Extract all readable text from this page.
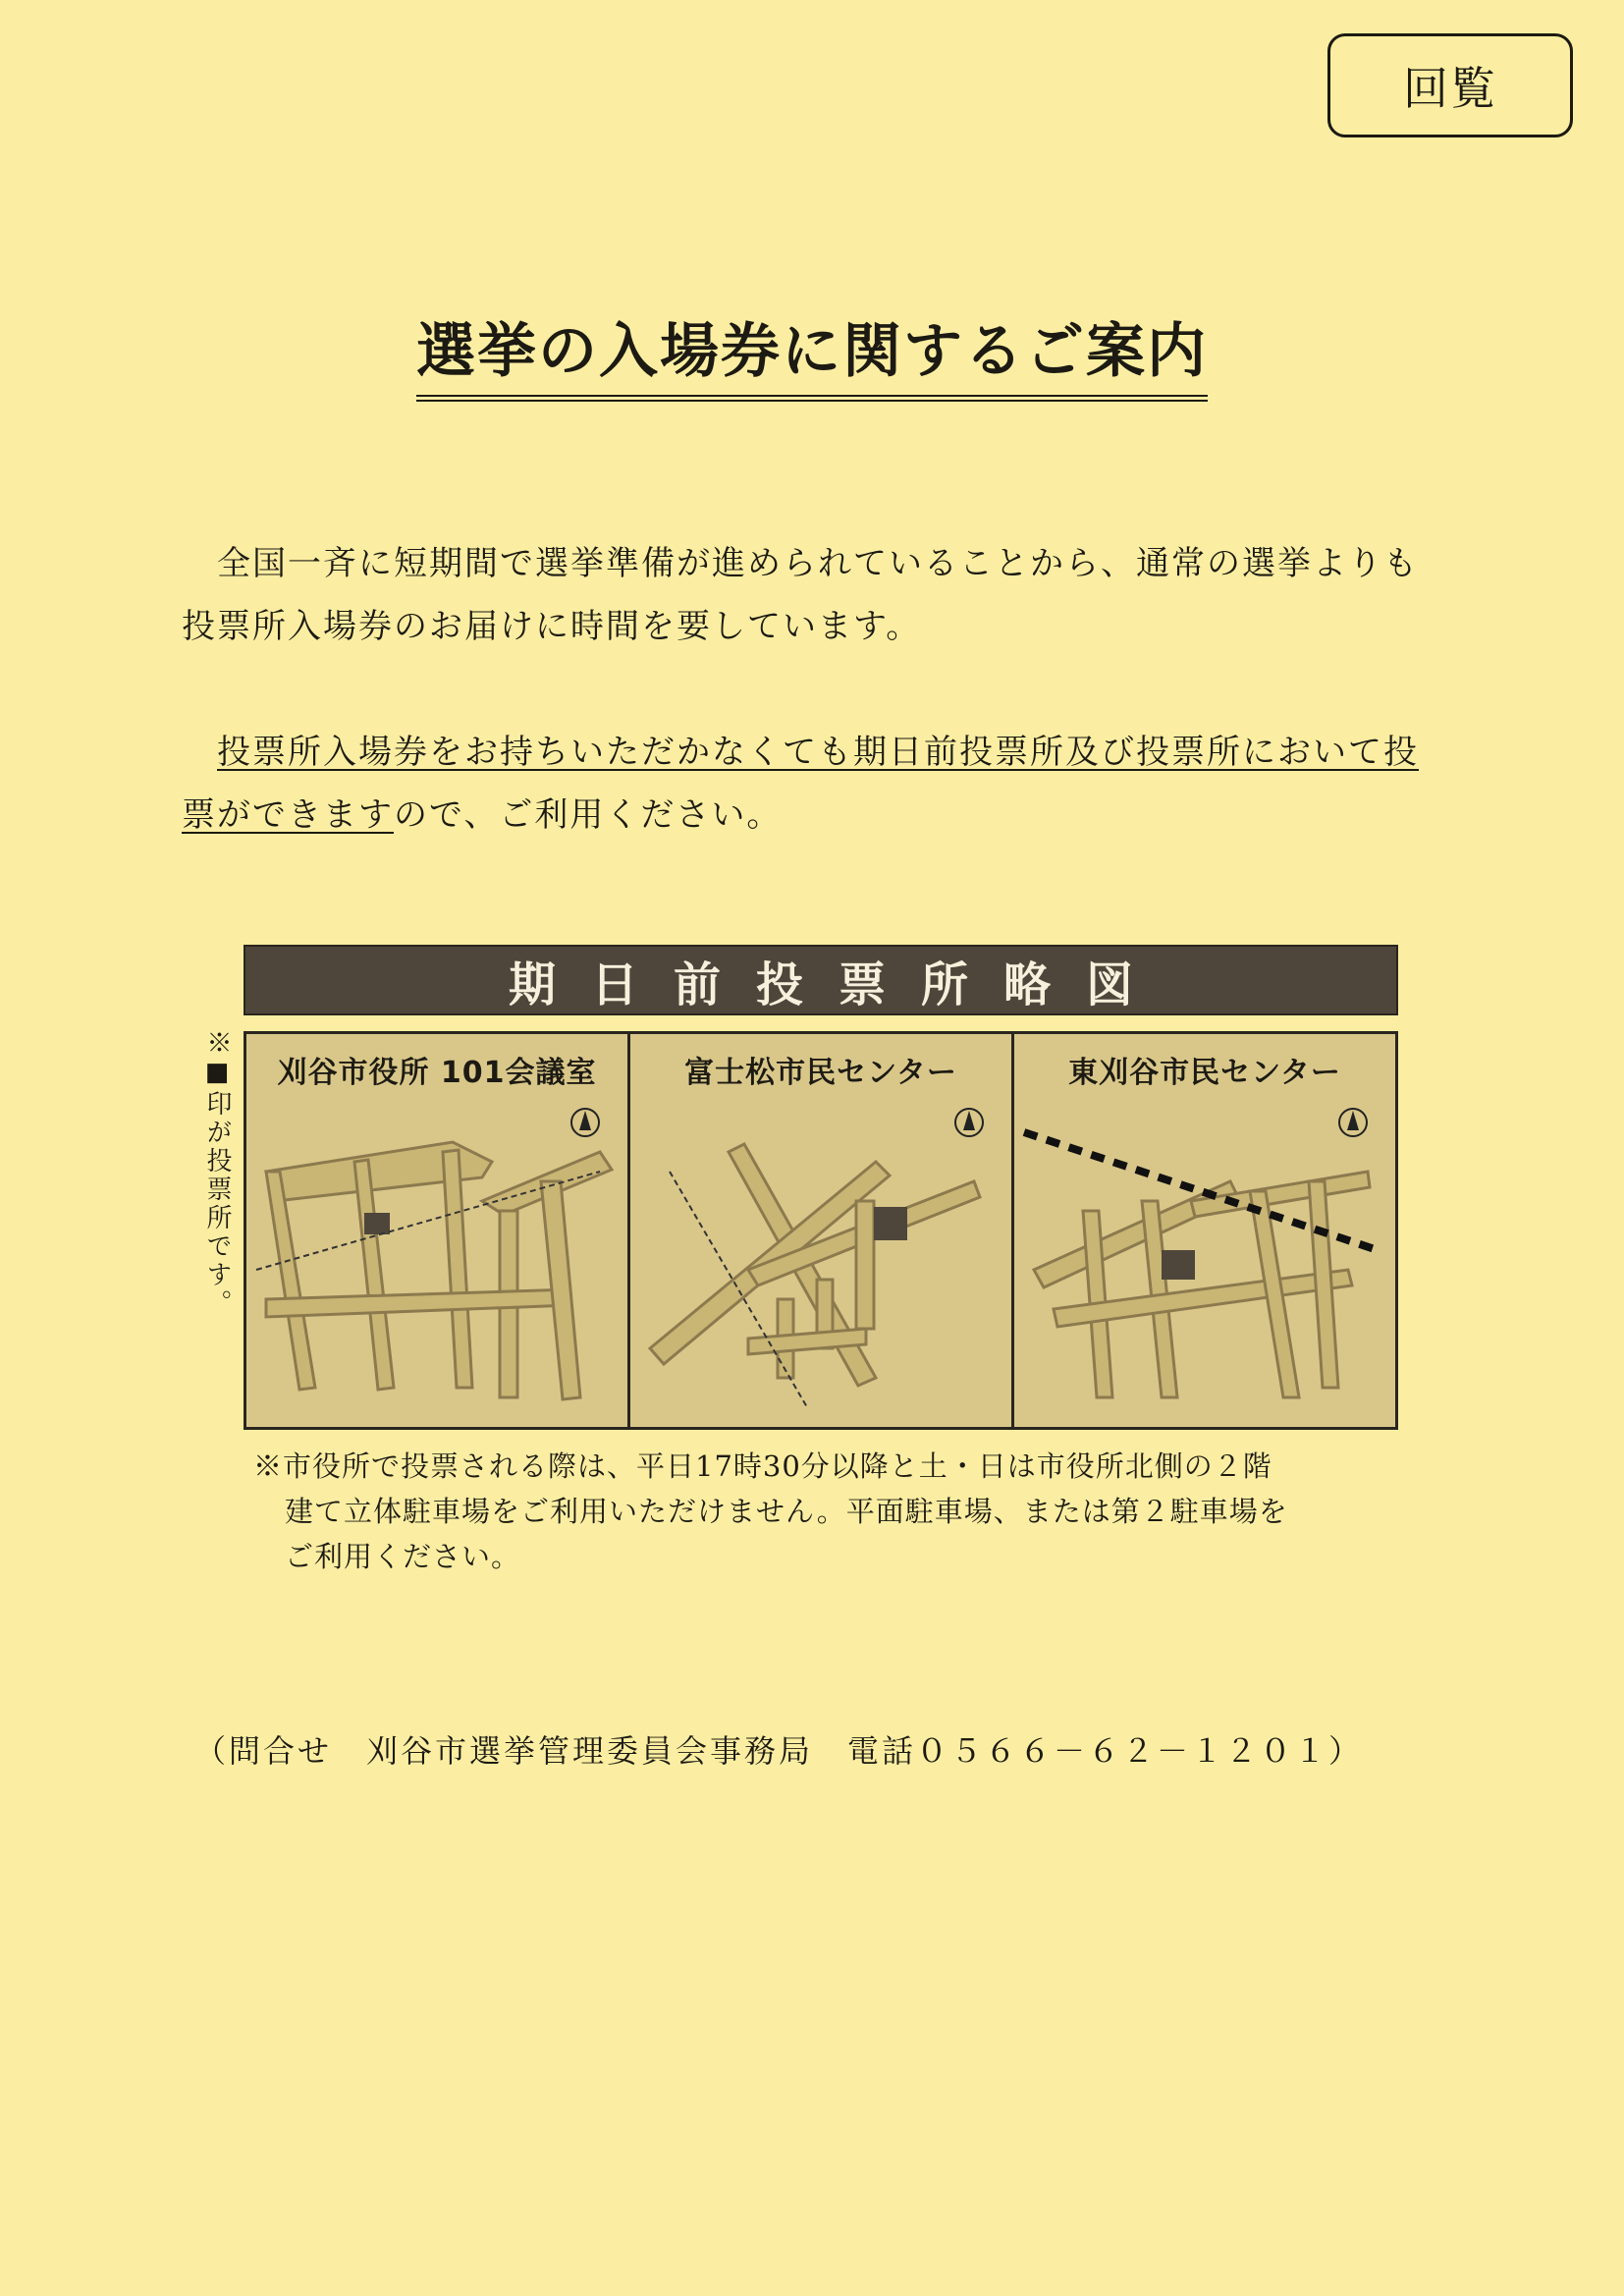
回覧
選挙の入場券に関するご案内
全国一斉に短期間で選挙準備が進められていることから、通常の選挙よりも投票所入場券のお届けに時間を要しています。
投票所入場券をお持ちいただかなくても期日前投票所及び投票所において投票ができますので、ご利用ください。
※■印が投票所です。
期日前投票所略図
刈谷市役所 101会議室	富士松市民センター	東刈谷市民センター
※市役所で投票される際は、平日17時30分以降と土・日は市役所北側の２階
建て立体駐車場をご利用いただけません。平面駐車場、または第２駐車場を
ご利用ください。
（問合せ　刈谷市選挙管理委員会事務局　電話０５６６－６２－１２０１）
